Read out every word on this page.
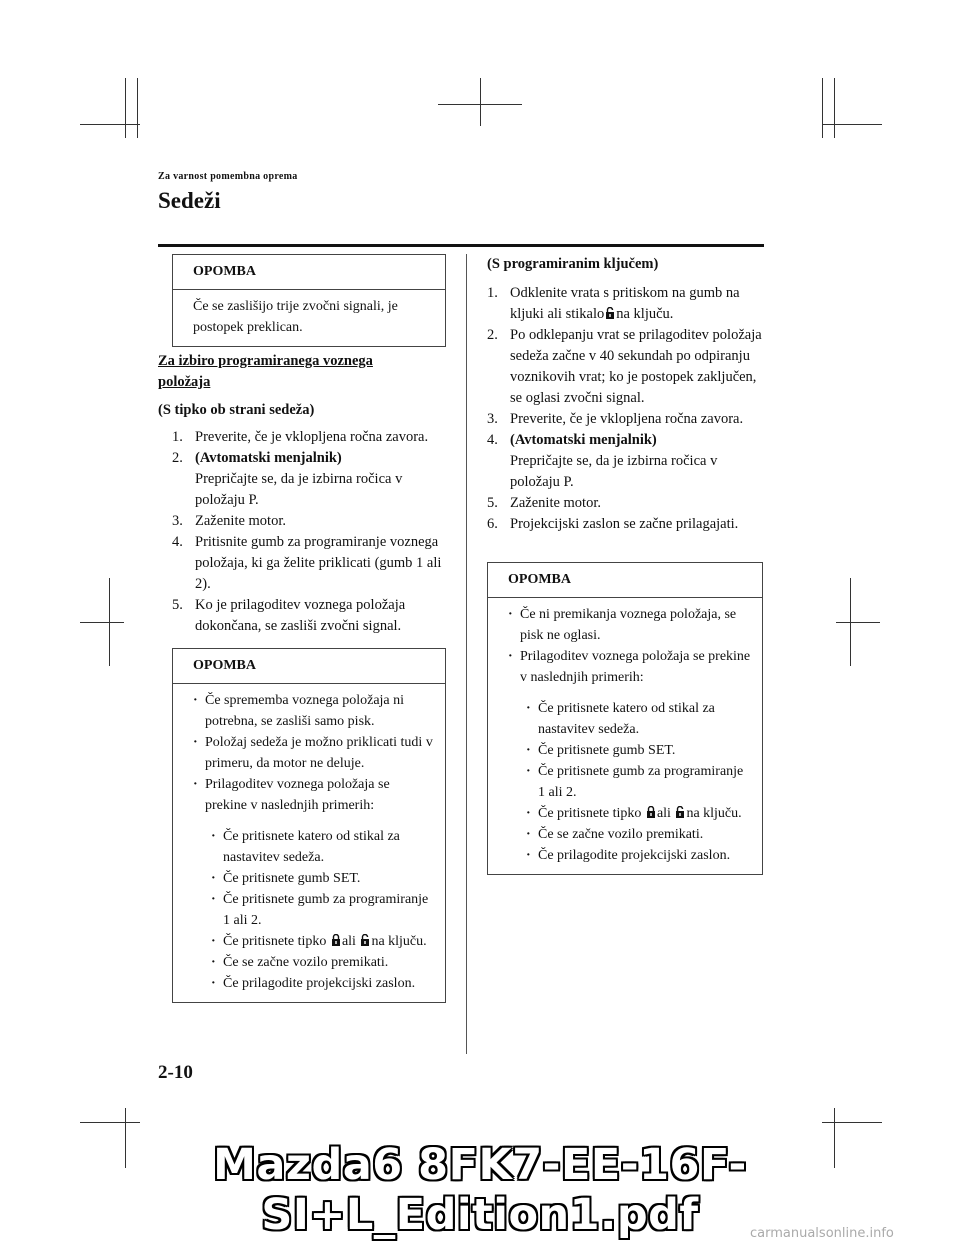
Za varnost pomembna oprema
Sedeži
OPOMBA
Če se zaslišijo trije zvočni signali, je postopek preklican.
Za izbiro programiranega voznega položaja
(S tipko ob strani sedeža)
1. Preverite, če je vklopljena ročna zavora.
2. (Avtomatski menjalnik)
Prepričajte se, da je izbirna ročica v položaju P.
3. Zaženite motor.
4. Pritisnite gumb za programiranje voznega položaja, ki ga želite priklicati (gumb 1 ali 2).
5. Ko je prilagoditev voznega položaja dokončana, se zasliši zvočni signal.
OPOMBA
· Če sprememba voznega položaja ni potrebna, se zasliši samo pisk.
· Položaj sedeža je možno priklicati tudi v primeru, da motor ne deluje.
· Prilagoditev voznega položaja se prekine v naslednjih primerih:
· Če pritisnete katero od stikal za nastavitev sedeža.
· Če pritisnete gumb SET.
· Če pritisnete gumb za programiranje 1 ali 2.
· Če pritisnete tipko ali na ključu.
· Če se začne vozilo premikati.
· Če prilagodite projekcijski zaslon.
(S programiranim ključem)
1. Odklenite vrata s pritiskom na gumb na kljuki ali stikalo na ključu.
2. Po odklepanju vrat se prilagoditev položaja sedeža začne v 40 sekundah po odpiranju voznikovih vrat; ko je postopek zaključen, se oglasi zvočni signal.
3. Preverite, če je vklopljena ročna zavora.
4. (Avtomatski menjalnik)
Prepričajte se, da je izbirna ročica v položaju P.
5. Zaženite motor.
6. Projekcijski zaslon se začne prilagajati.
OPOMBA
· Če ni premikanja voznega položaja, se pisk ne oglasi.
· Prilagoditev voznega položaja se prekine v naslednjih primerih:
· Če pritisnete katero od stikal za nastavitev sedeža.
· Če pritisnete gumb SET.
· Če pritisnete gumb za programiranje 1 ali 2.
· Če pritisnete tipko ali na ključu.
· Če se začne vozilo premikati.
· Če prilagodite projekcijski zaslon.
2-10
Mazda6 8FK7-EE-16F-SI+L_Edition1.pdf	carmanualsonline.info
